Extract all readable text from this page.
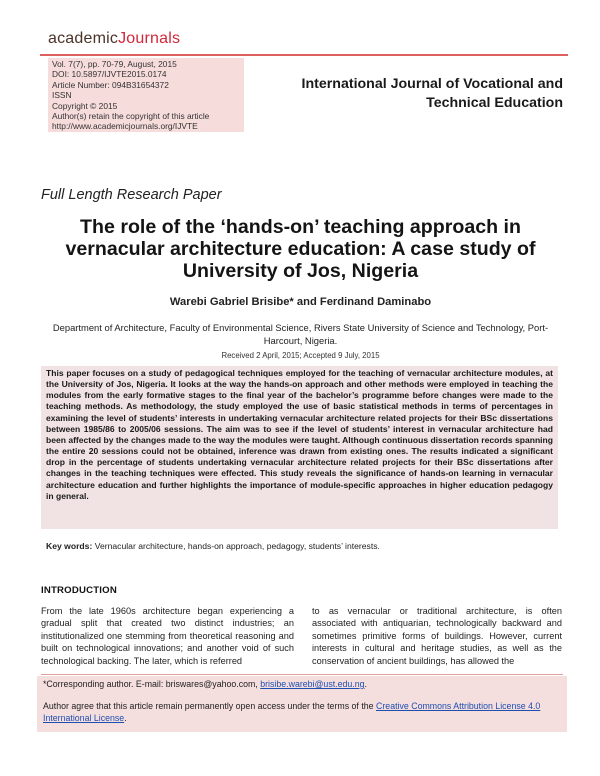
academicJournals
Vol. 7(7), pp. 70-79, August, 2015
DOI: 10.5897/IJVTE2015.0174
Article Number: 094B31654372
ISSN
Copyright © 2015
Author(s) retain the copyright of this article
http://www.academicjournals.org/IJVTE
International Journal of Vocational and Technical Education
Full Length Research Paper
The role of the ‘hands-on’ teaching approach in vernacular architecture education: A case study of University of Jos, Nigeria
Warebi Gabriel Brisibe* and Ferdinand Daminabo
Department of Architecture, Faculty of Environmental Science, Rivers State University of Science and Technology, Port-Harcourt, Nigeria.
Received 2 April, 2015; Accepted 9 July, 2015
This paper focuses on a study of pedagogical techniques employed for the teaching of vernacular architecture modules, at the University of Jos, Nigeria. It looks at the way the hands-on approach and other methods were employed in teaching the modules from the early formative stages to the final year of the bachelor’s programme before changes were made to the teaching methods. As methodology, the study employed the use of basic statistical methods in terms of percentages in examining the level of students’ interests in undertaking vernacular architecture related projects for their BSc dissertations between 1985/86 to 2005/06 sessions. The aim was to see if the level of students’ interest in vernacular architecture had been affected by the changes made to the way the modules were taught. Although continuous dissertation records spanning the entire 20 sessions could not be obtained, inference was drawn from existing ones. The results indicated a significant drop in the percentage of students undertaking vernacular architecture related projects for their BSc dissertations after changes in the teaching techniques were effected. This study reveals the significance of hands-on learning in vernacular architecture education and further highlights the importance of module-specific approaches in higher education pedagogy in general.
Key words: Vernacular architecture, hands-on approach, pedagogy, students’ interests.
INTRODUCTION
From the late 1960s architecture began experiencing a gradual split that created two distinct industries; an institutionalized one stemming from theoretical reasoning and built on technological innovations; and another void of such technological backing. The later, which is referred
to as vernacular or traditional architecture, is often associated with antiquarian, technologically backward and sometimes primitive forms of buildings. However, current interests in cultural and heritage studies, as well as the conservation of ancient buildings, has allowed the
*Corresponding author. E-mail: briswares@yahoo.com, brisibe.warebi@ust.edu.ng.
Author agree that this article remain permanently open access under the terms of the Creative Commons Attribution License 4.0 International License.
